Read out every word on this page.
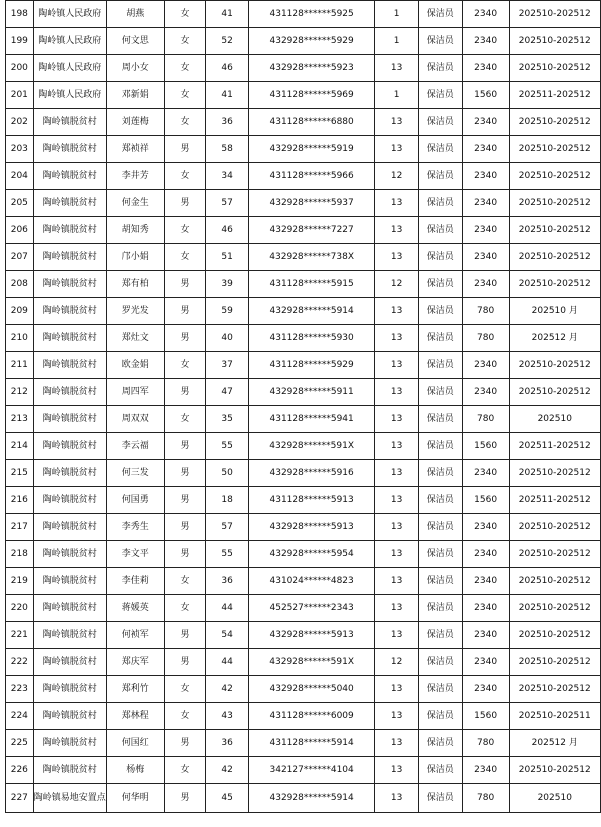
198	陶岭镇人民政府	胡燕	女	41	431128******5925	1	保洁员	2340	202510-202512
199	陶岭镇人民政府	何文思	女	52	432928******5929	1	保洁员	2340	202510-202512
200	陶岭镇人民政府	周小女	女	46	432928******5923	13	保洁员	2340	202510-202512
201	陶岭镇人民政府	邓新娟	女	41	431128******5969	1	保洁员	1560	202511-202512
202	陶岭镇脱贫村	刘莲梅	女	36	431128******6880	13	保洁员	2340	202510-202512
203	陶岭镇脱贫村	郑祯祥	男	58	432928******5919	13	保洁员	2340	202510-202512
204	陶岭镇脱贫村	李井芳	女	34	431128******5966	12	保洁员	2340	202510-202512
205	陶岭镇脱贫村	何金生	男	57	432928******5937	13	保洁员	2340	202510-202512
206	陶岭镇脱贫村	胡知秀	女	46	432928******7227	13	保洁员	2340	202510-202512
207	陶岭镇脱贫村	邝小娟	女	51	432928******738X	13	保洁员	2340	202510-202512
208	陶岭镇脱贫村	郑有柏	男	39	431128******5915	12	保洁员	2340	202510-202512
209	陶岭镇脱贫村	罗光发	男	59	432928******5914	13	保洁员	780	202510 月
210	陶岭镇脱贫村	郑灶文	男	40	431128******5930	13	保洁员	780	202512 月
211	陶岭镇脱贫村	欧金娟	女	37	431128******5929	13	保洁员	2340	202510-202512
212	陶岭镇脱贫村	周四军	男	47	432928******5911	13	保洁员	2340	202510-202512
213	陶岭镇脱贫村	周双双	女	35	431128******5941	13	保洁员	780	202510
214	陶岭镇脱贫村	李云福	男	55	432928******591X	13	保洁员	1560	202511-202512
215	陶岭镇脱贫村	何三发	男	50	432928******5916	13	保洁员	2340	202510-202512
216	陶岭镇脱贫村	何国勇	男	18	431128******5913	13	保洁员	1560	202511-202512
217	陶岭镇脱贫村	李秀生	男	57	432928******5913	13	保洁员	2340	202510-202512
218	陶岭镇脱贫村	李文平	男	55	432928******5954	13	保洁员	2340	202510-202512
219	陶岭镇脱贫村	李佳莉	女	36	431024******4823	13	保洁员	2340	202510-202512
220	陶岭镇脱贫村	蒋媛英	女	44	452527******2343	13	保洁员	2340	202510-202512
221	陶岭镇脱贫村	何祯军	男	54	432928******5913	13	保洁员	2340	202510-202512
222	陶岭镇脱贫村	郑庆军	男	44	432928******591X	12	保洁员	2340	202510-202512
223	陶岭镇脱贫村	郑利竹	女	42	432928******5040	13	保洁员	2340	202510-202512
224	陶岭镇脱贫村	郑林程	女	43	431128******6009	13	保洁员	1560	202510-202511
225	陶岭镇脱贫村	何国红	男	36	431128******5914	13	保洁员	780	202512 月
226	陶岭镇脱贫村	杨梅	女	42	342127******4104	13	保洁员	2340	202510-202512
227	陶岭镇易地安置点	何华明	男	45	432928******5914	13	保洁员	780	202510
